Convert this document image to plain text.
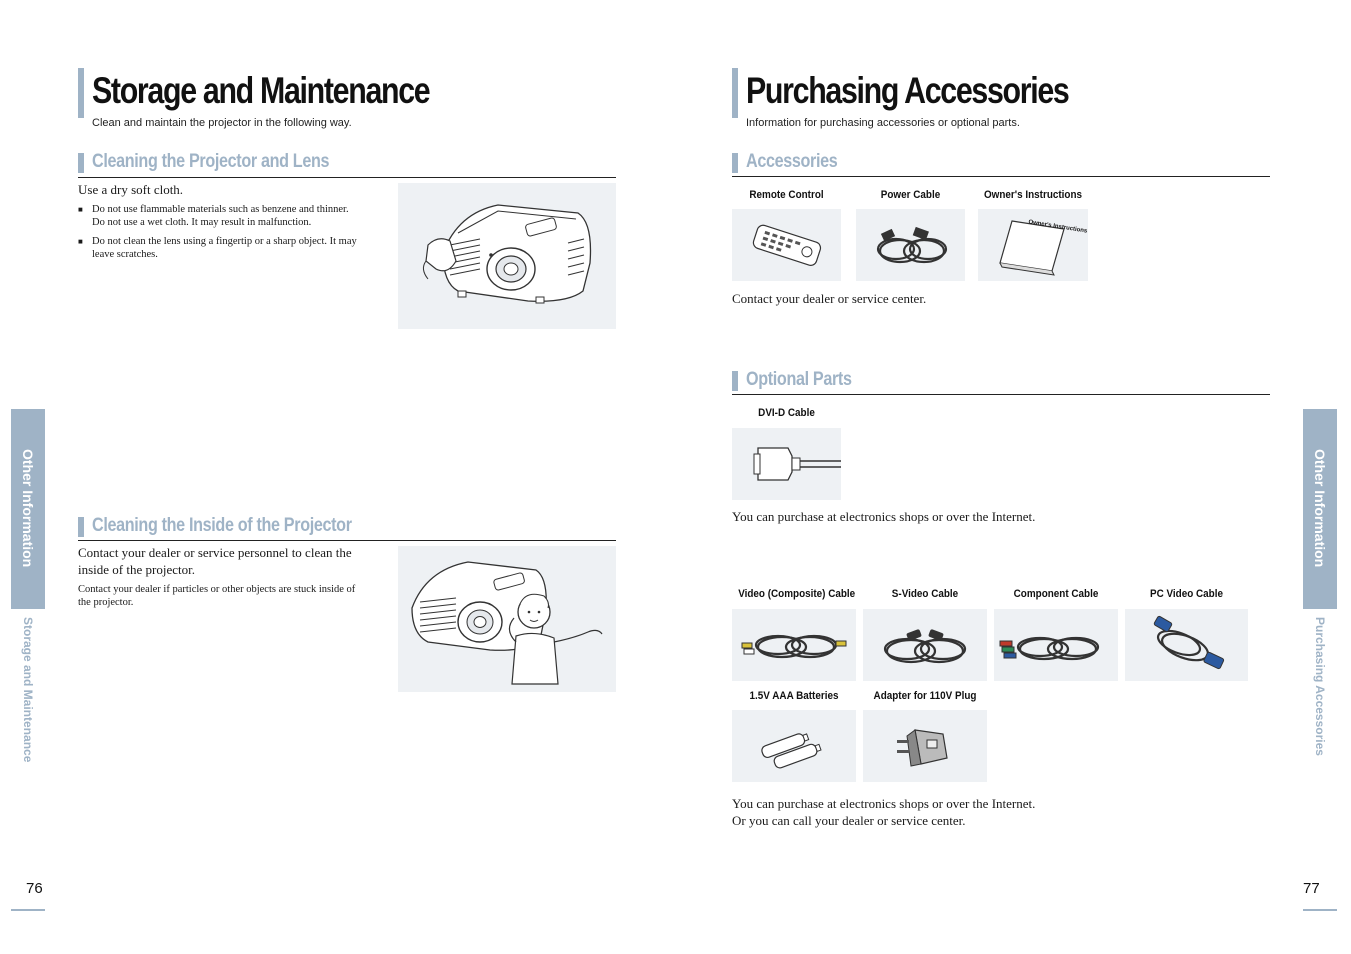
Storage and Maintenance
Clean and maintain the projector in the following way.
Cleaning the Projector and Lens
Use a dry soft cloth.
■ Do not use flammable materials such as benzene and thinner. Do not use a wet cloth. It may result in malfunction.
■ Do not clean the lens using a fingertip or a sharp object. It may leave scratches.
Cleaning the Inside of the Projector
Contact your dealer or service personnel to clean the inside of the projector.
Contact your dealer if particles or other objects are stuck inside of the projector.
Other Information
Storage and Maintenance
76
Purchasing Accessories
Information for purchasing accessories or optional parts.
Accessories
Remote Control	Power Cable	Owner's Instructions
Owner's Instructions
Contact your dealer or service center.
Optional Parts
DVI-D Cable
You can purchase at electronics shops or over the Internet.
Video (Composite) Cable	S-Video Cable	Component Cable	PC Video Cable
1.5V AAA Batteries	Adapter for 110V Plug
You can purchase at electronics shops or over the Internet.
Or you can call your dealer or service center.
Other Information
Purchasing Accessories
77
